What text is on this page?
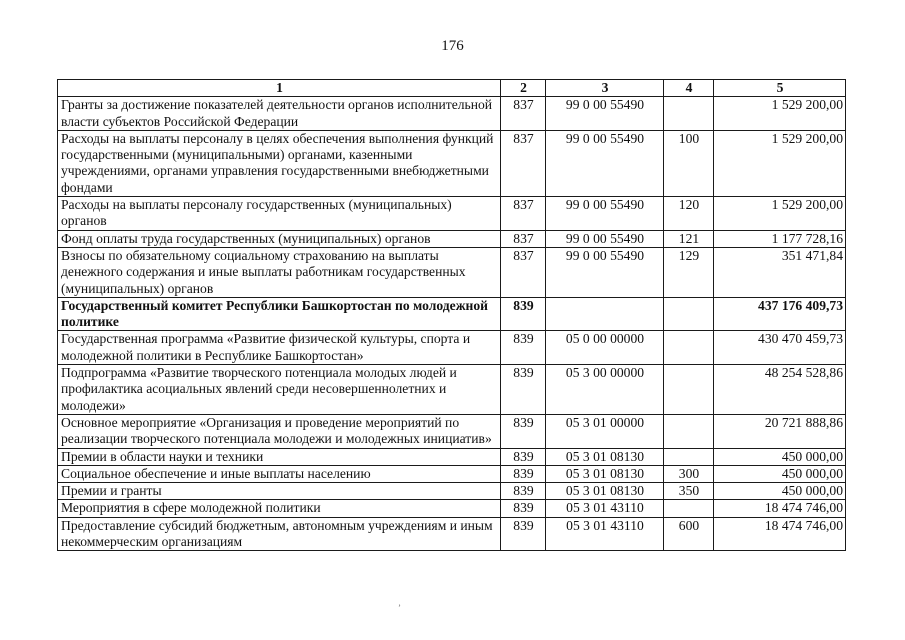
176
1	2	3	4	5
Гранты за достижение показателей деятельности органов исполнительной власти субъектов Российской Федерации	837	99 0 00 55490		1 529 200,00
Расходы на выплаты персоналу в целях обеспечения выполнения функций государственными (муниципальными) органами, казенными учреждениями, органами управления государственными внебюджетными фондами	837	99 0 00 55490	100	1 529 200,00
Расходы на выплаты персоналу государственных (муниципальных) органов	837	99 0 00 55490	120	1 529 200,00
Фонд оплаты труда государственных (муниципальных) органов	837	99 0 00 55490	121	1 177 728,16
Взносы по обязательному социальному страхованию на выплаты денежного содержания и иные выплаты работникам государственных (муниципальных) органов	837	99 0 00 55490	129	351 471,84
Государственный комитет Республики Башкортостан по молодежной политике	839			437 176 409,73
Государственная программа «Развитие физической культуры, спорта и молодежной политики в Республике Башкортостан»	839	05 0 00 00000		430 470 459,73
Подпрограмма «Развитие творческого потенциала молодых людей и профилактика асоциальных явлений среди несовершеннолетних и молодежи»	839	05 3 00 00000		48 254 528,86
Основное мероприятие «Организация и проведение мероприятий по реализации творческого потенциала молодежи и молодежных инициатив»	839	05 3 01 00000		20 721 888,86
Премии в области науки и техники	839	05 3 01 08130		450 000,00
Социальное обеспечение и иные выплаты населению	839	05 3 01 08130	300	450 000,00
Премии и гранты	839	05 3 01 08130	350	450 000,00
Мероприятия в сфере молодежной политики	839	05 3 01 43110		18 474 746,00
Предоставление субсидий бюджетным, автономным учреждениям и иным некоммерческим организациям	839	05 3 01 43110	600	18 474 746,00
ʼ
